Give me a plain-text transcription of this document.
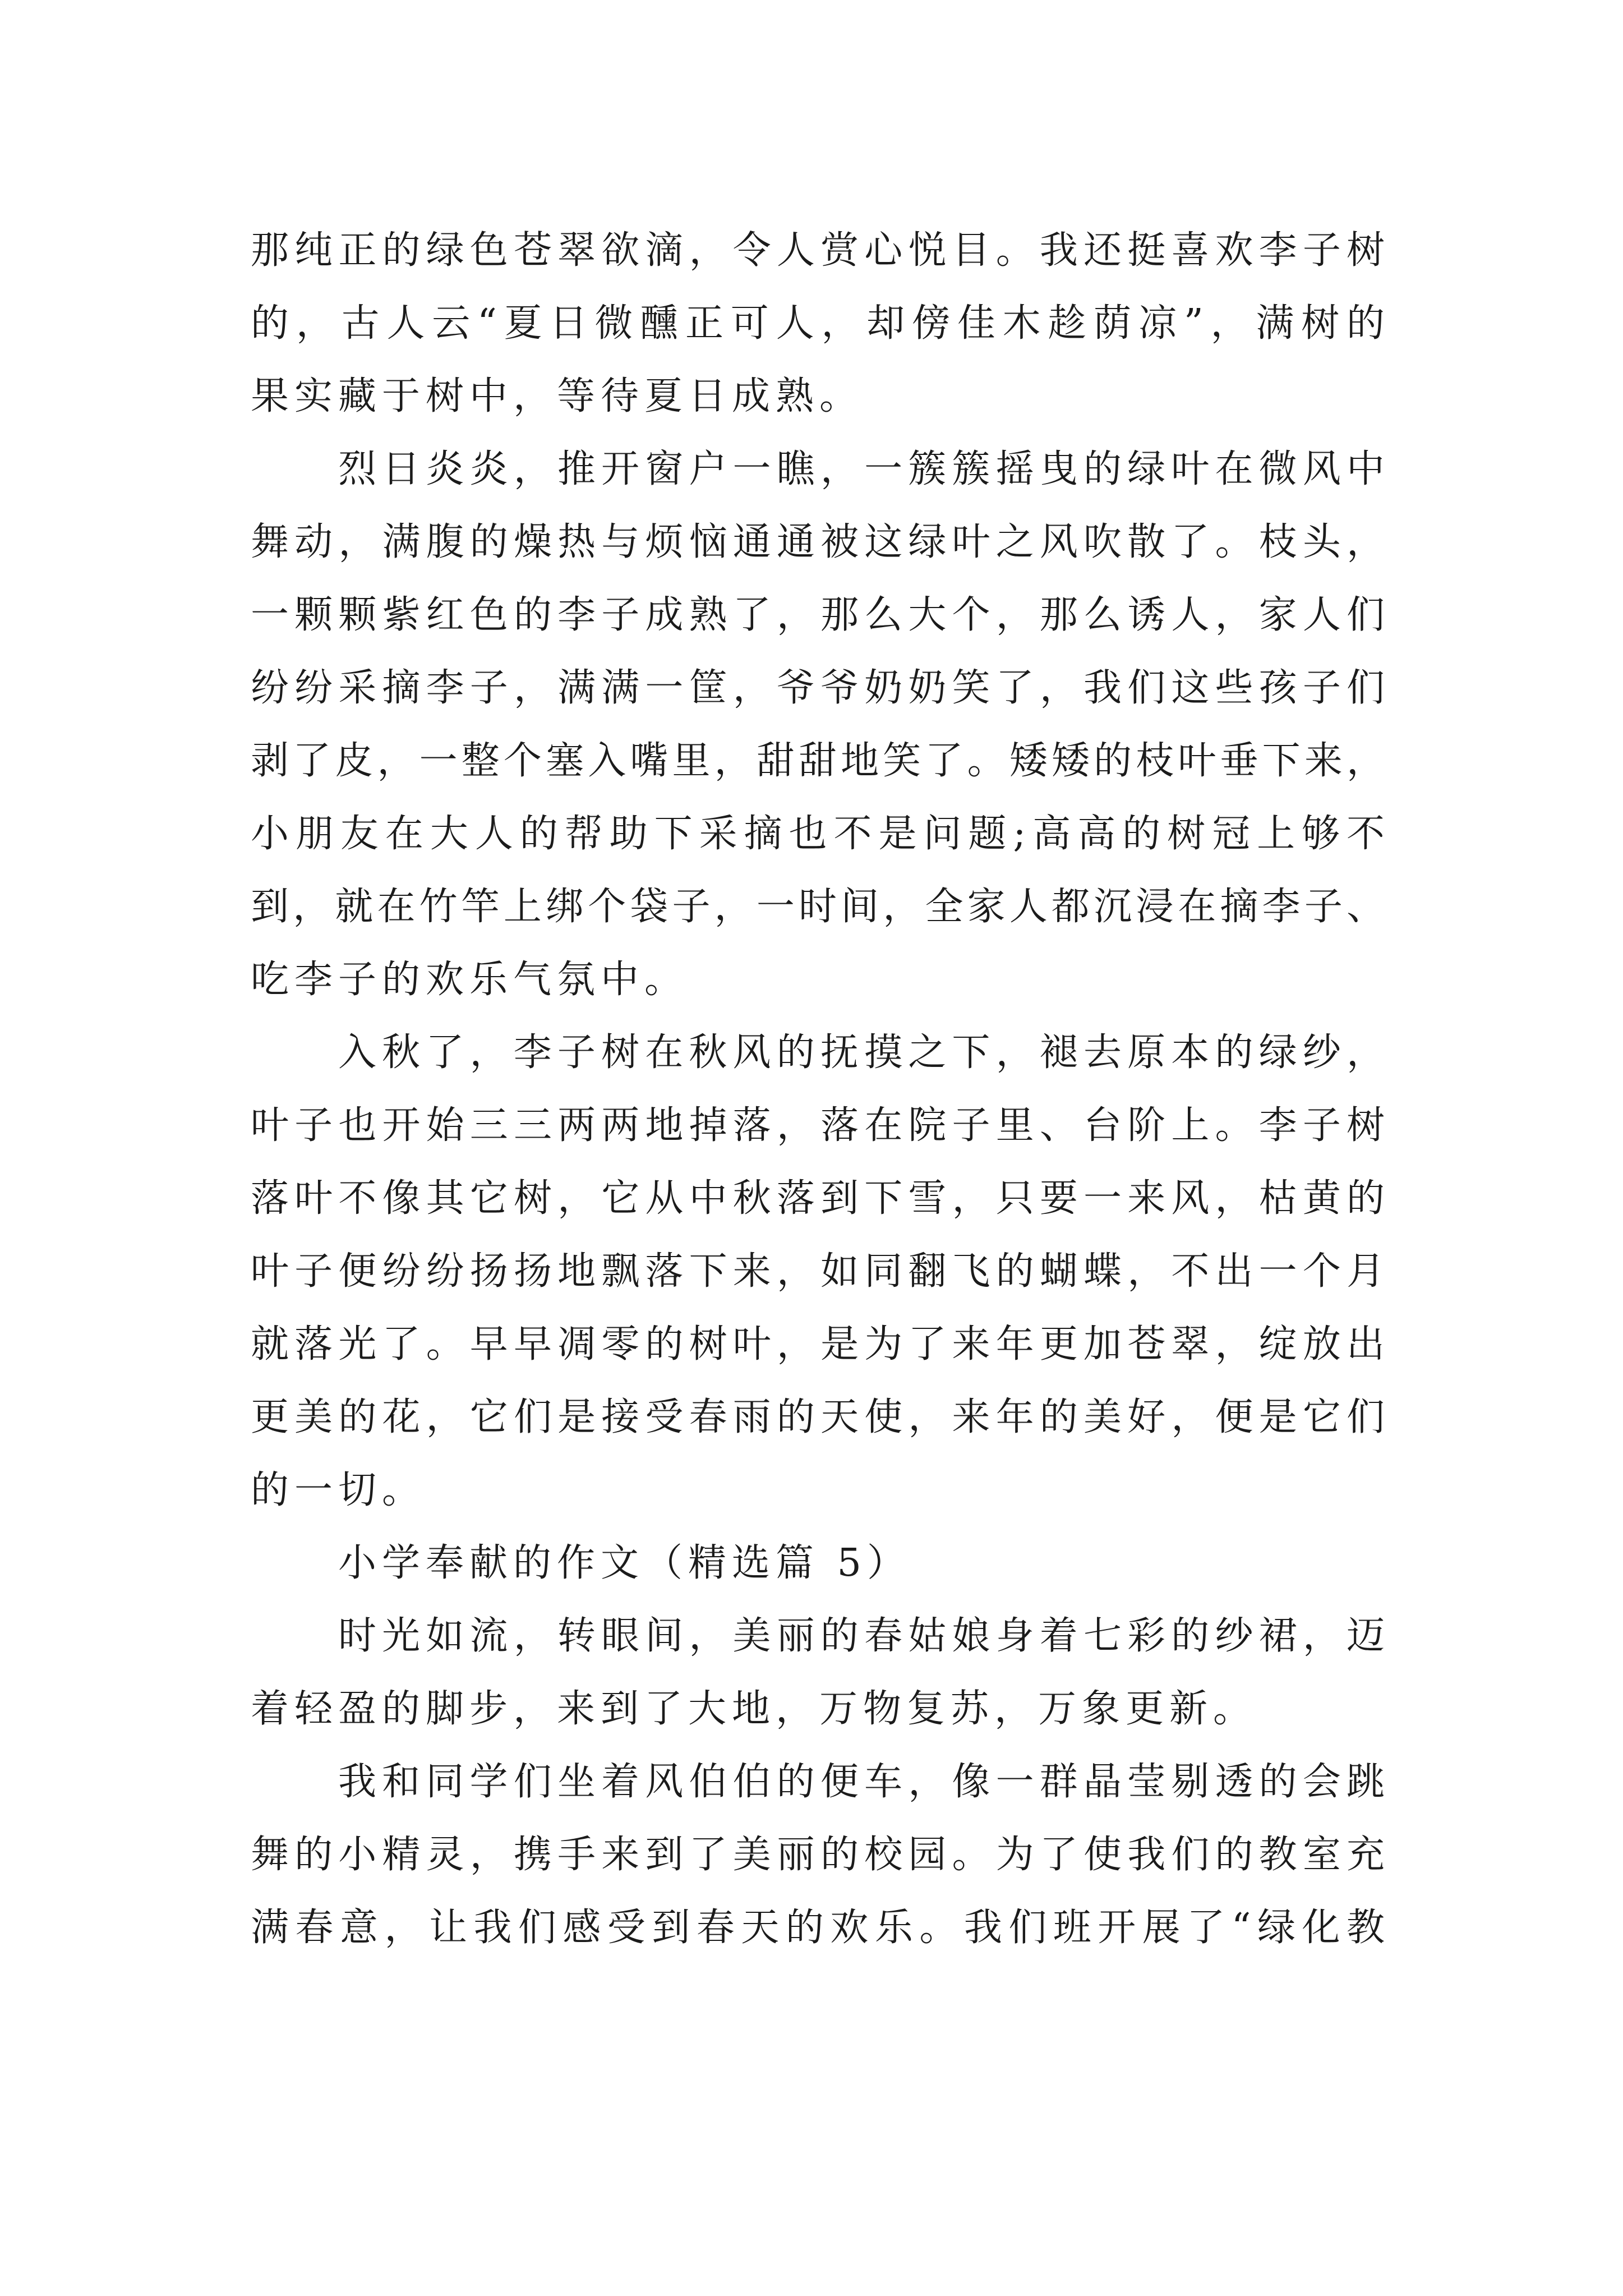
那纯正的绿色苍翠欲滴，令人赏心悦目。我还挺喜欢李子树
的，古人云“夏日微醺正可人，却傍佳木趁荫凉”，满树的
果实藏于树中，等待夏日成熟。
烈日炎炎，推开窗户一瞧，一簇簇摇曳的绿叶在微风中
舞动，满腹的燥热与烦恼通通被这绿叶之风吹散了。枝头，
一颗颗紫红色的李子成熟了，那么大个，那么诱人，家人们
纷纷采摘李子，满满一筐，爷爷奶奶笑了，我们这些孩子们
剥了皮，一整个塞入嘴里，甜甜地笑了。矮矮的枝叶垂下来，
小朋友在大人的帮助下采摘也不是问题;高高的树冠上够不
到，就在竹竿上绑个袋子，一时间，全家人都沉浸在摘李子、
吃李子的欢乐气氛中。
入秋了，李子树在秋风的抚摸之下，褪去原本的绿纱，
叶子也开始三三两两地掉落，落在院子里、台阶上。李子树
落叶不像其它树，它从中秋落到下雪，只要一来风，枯黄的
叶子便纷纷扬扬地飘落下来，如同翻飞的蝴蝶，不出一个月
就落光了。早早凋零的树叶，是为了来年更加苍翠，绽放出
更美的花，它们是接受春雨的天使，来年的美好，便是它们
的一切。
小学奉献的作文（精选篇 5）
时光如流，转眼间，美丽的春姑娘身着七彩的纱裙，迈
着轻盈的脚步，来到了大地，万物复苏，万象更新。
我和同学们坐着风伯伯的便车，像一群晶莹剔透的会跳
舞的小精灵，携手来到了美丽的校园。为了使我们的教室充
满春意，让我们感受到春天的欢乐。我们班开展了“绿化教
